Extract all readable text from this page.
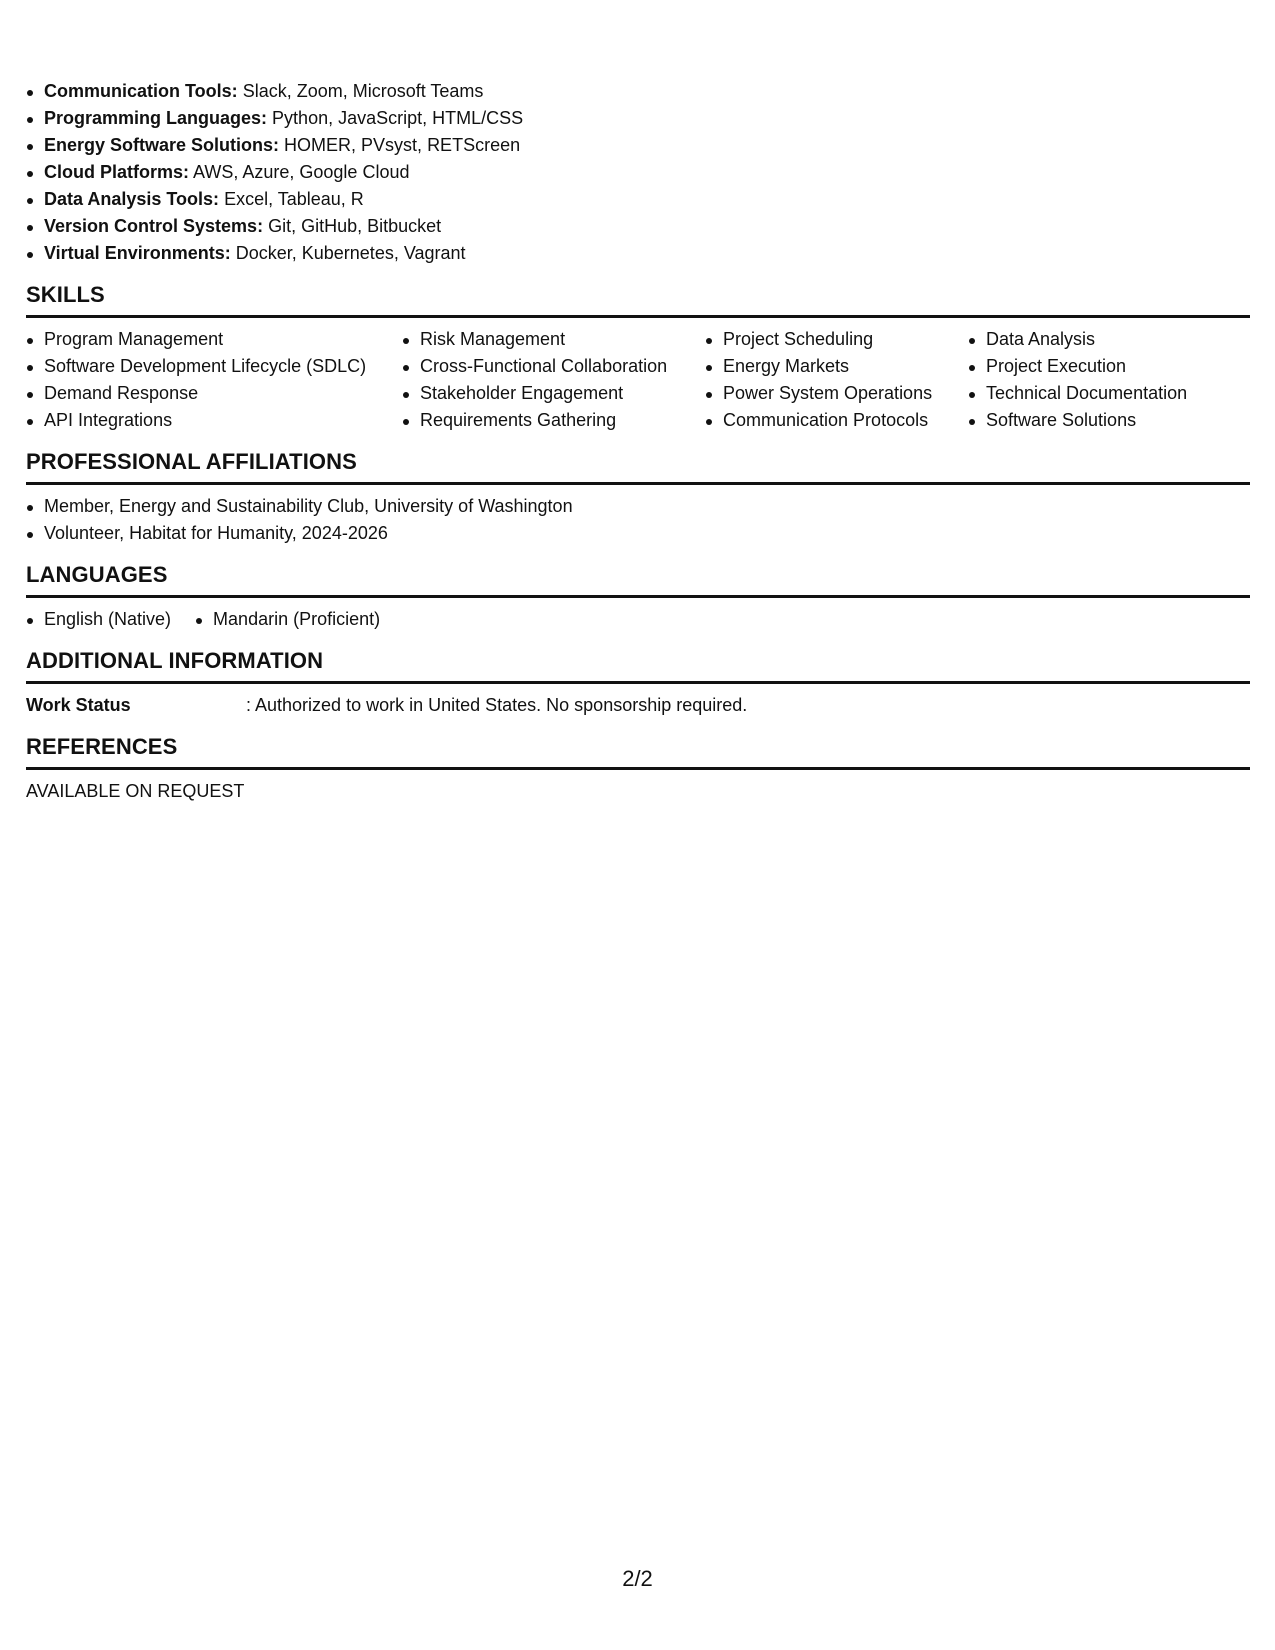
Communication Tools: Slack, Zoom, Microsoft Teams
Programming Languages: Python, JavaScript, HTML/CSS
Energy Software Solutions: HOMER, PVsyst, RETScreen
Cloud Platforms: AWS, Azure, Google Cloud
Data Analysis Tools: Excel, Tableau, R
Version Control Systems: Git, GitHub, Bitbucket
Virtual Environments: Docker, Kubernetes, Vagrant
SKILLS
Program Management
Software Development Lifecycle (SDLC)
Demand Response
API Integrations
Risk Management
Cross-Functional Collaboration
Stakeholder Engagement
Requirements Gathering
Project Scheduling
Energy Markets
Power System Operations
Communication Protocols
Data Analysis
Project Execution
Technical Documentation
Software Solutions
PROFESSIONAL AFFILIATIONS
Member, Energy and Sustainability Club, University of Washington
Volunteer, Habitat for Humanity, 2024-2026
LANGUAGES
English (Native)	Mandarin (Proficient)
ADDITIONAL INFORMATION
Work Status	: Authorized to work in United States. No sponsorship required.
REFERENCES
AVAILABLE ON REQUEST
2/2
